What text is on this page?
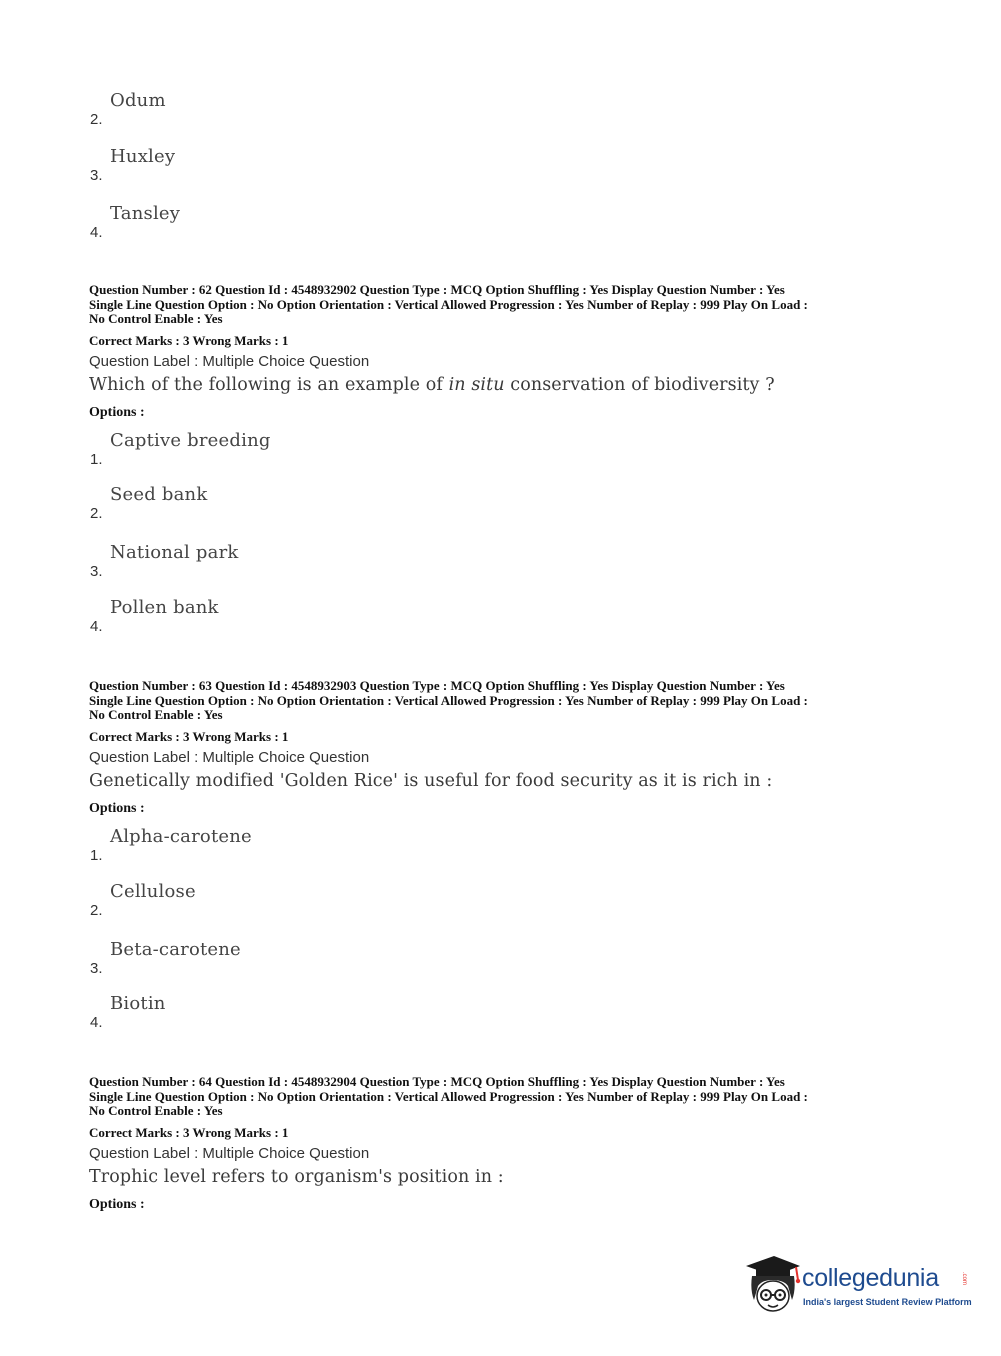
2.
Odum
3.
Huxley
4.
Tansley
Question Number : 62 Question Id : 4548932902 Question Type : MCQ Option Shuffling : Yes Display Question Number : Yes
Single Line Question Option : No Option Orientation : Vertical Allowed Progression : Yes Number of Replay : 999 Play On Load :
No Control Enable : Yes
Correct Marks : 3 Wrong Marks : 1
Question Label : Multiple Choice Question
Which of the following is an example of in situ conservation of biodiversity ?
Options :
1.
Captive breeding
2.
Seed bank
3.
National park
4.
Pollen bank
Question Number : 63 Question Id : 4548932903 Question Type : MCQ Option Shuffling : Yes Display Question Number : Yes
Single Line Question Option : No Option Orientation : Vertical Allowed Progression : Yes Number of Replay : 999 Play On Load :
No Control Enable : Yes
Correct Marks : 3 Wrong Marks : 1
Question Label : Multiple Choice Question
Genetically modified 'Golden Rice' is useful for food security as it is rich in :
Options :
1.
Alpha-carotene
2.
Cellulose
3.
Beta-carotene
4.
Biotin
Question Number : 64 Question Id : 4548932904 Question Type : MCQ Option Shuffling : Yes Display Question Number : Yes
Single Line Question Option : No Option Orientation : Vertical Allowed Progression : Yes Number of Replay : 999 Play On Load :
No Control Enable : Yes
Correct Marks : 3 Wrong Marks : 1
Question Label : Multiple Choice Question
Trophic level refers to organism's position in :
Options :
collegedunia	.com
India's largest Student Review Platform
